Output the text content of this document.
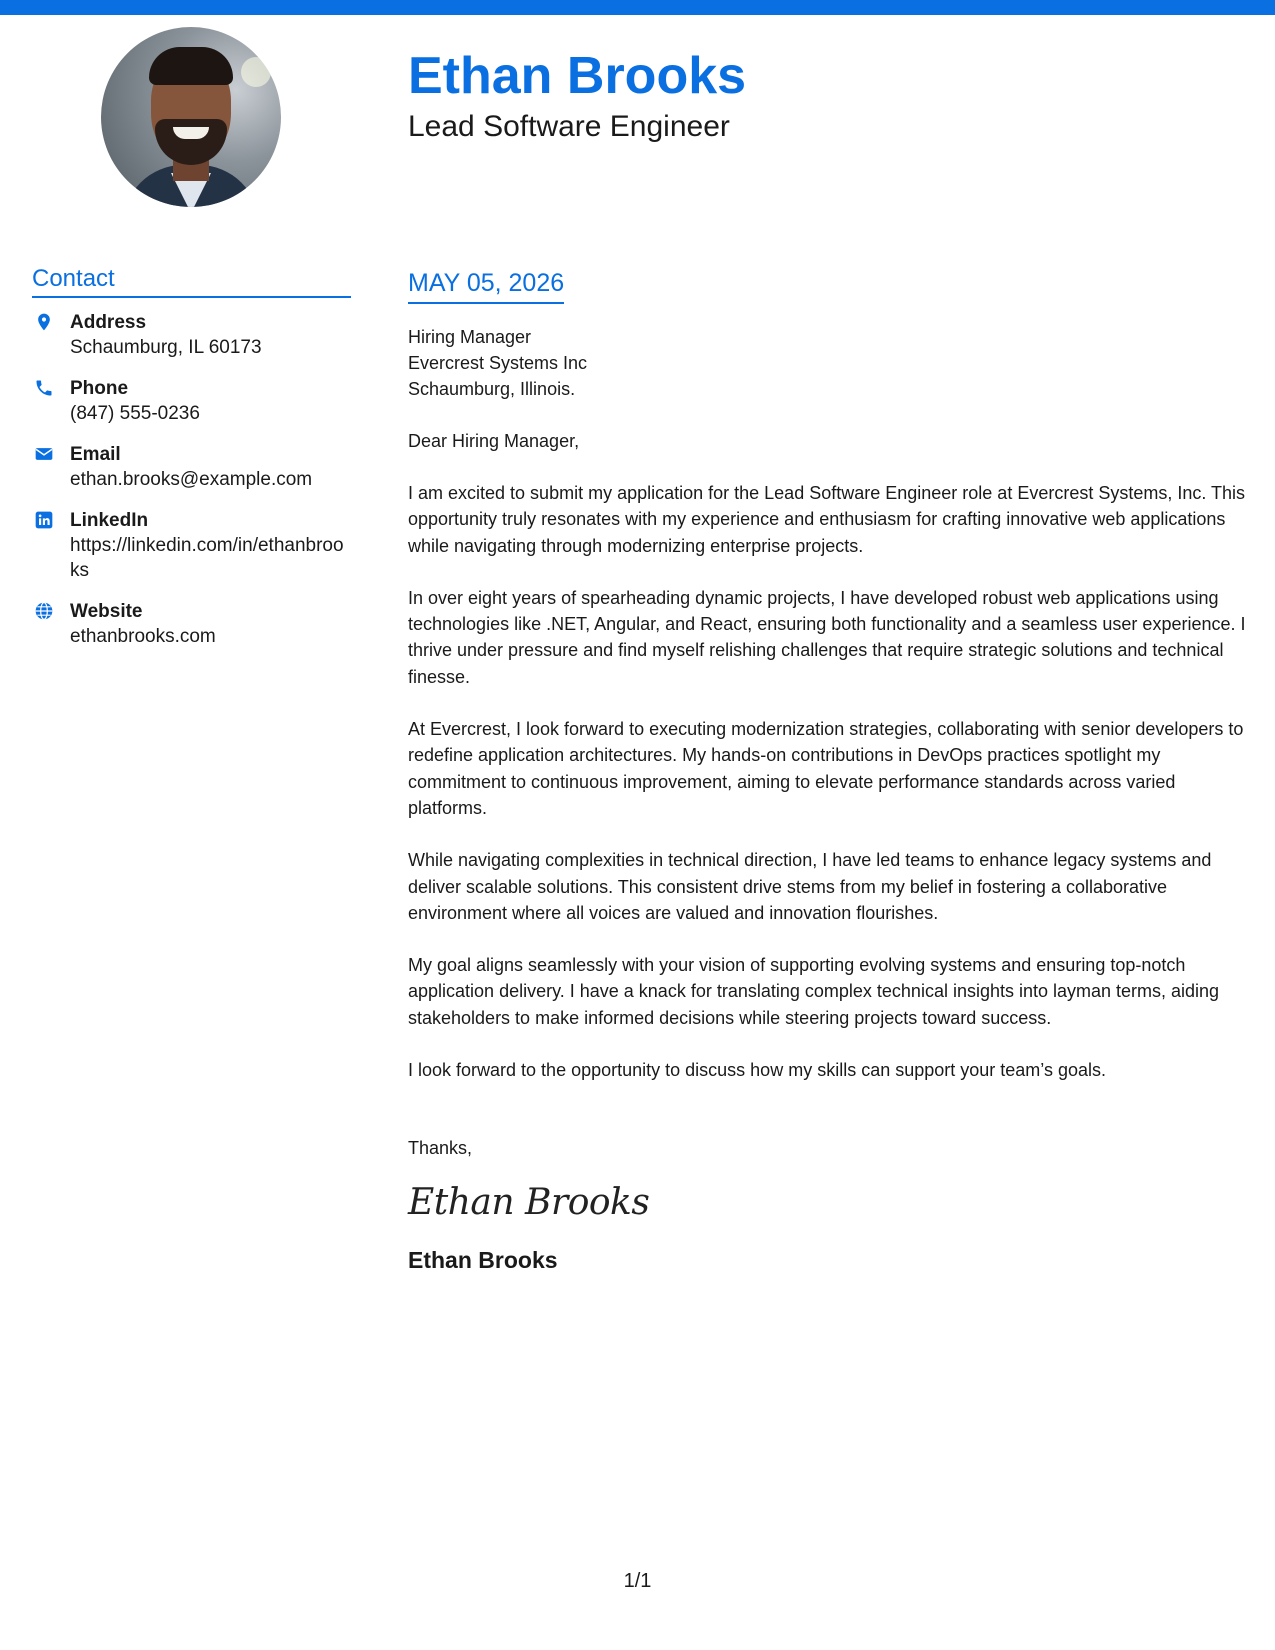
Ethan Brooks
Lead Software Engineer
Contact
Address
Schaumburg, IL 60173
Phone
(847) 555-0236
Email
ethan.brooks@example.com
LinkedIn
https://linkedin.com/in/ethanbrooks
Website
ethanbrooks.com
MAY 05, 2026
Hiring Manager
Evercrest Systems Inc
Schaumburg, Illinois.
Dear Hiring Manager,
I am excited to submit my application for the Lead Software Engineer role at Evercrest Systems, Inc. This opportunity truly resonates with my experience and enthusiasm for crafting innovative web applications while navigating through modernizing enterprise projects.
In over eight years of spearheading dynamic projects, I have developed robust web applications using technologies like .NET, Angular, and React, ensuring both functionality and a seamless user experience. I thrive under pressure and find myself relishing challenges that require strategic solutions and technical finesse.
At Evercrest, I look forward to executing modernization strategies, collaborating with senior developers to redefine application architectures. My hands-on contributions in DevOps practices spotlight my commitment to continuous improvement, aiming to elevate performance standards across varied platforms.
While navigating complexities in technical direction, I have led teams to enhance legacy systems and deliver scalable solutions. This consistent drive stems from my belief in fostering a collaborative environment where all voices are valued and innovation flourishes.
My goal aligns seamlessly with your vision of supporting evolving systems and ensuring top-notch application delivery. I have a knack for translating complex technical insights into layman terms, aiding stakeholders to make informed decisions while steering projects toward success.
I look forward to the opportunity to discuss how my skills can support your team’s goals.
Thanks,
Ethan Brooks
Ethan Brooks
1/1
